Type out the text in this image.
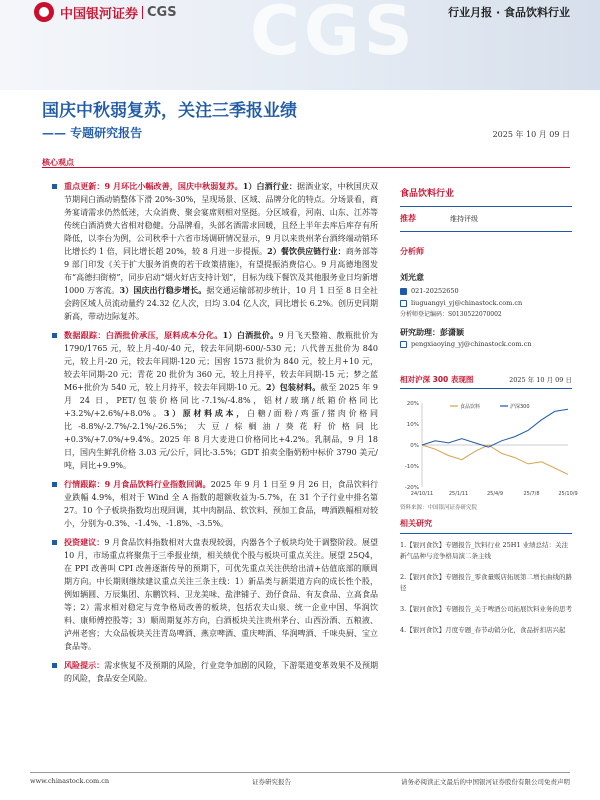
CGS
中国银河证券 CGS	行业月报 · 食品饮料行业
国庆中秋弱复苏，关注三季报业绩
—— 专题研究报告	2025 年 10 月 09 日
核心观点
重点更新：9 月环比小幅改善，国庆中秋弱复苏。1）白酒行业：据酒业家，中秋国庆双节期间白酒动销整体下滑 20%-30%，呈现场景、区域、品牌分化的特点。分场景看，商务宴请需求仍然低迷，大众消费、聚会宴席则相对坚挺。分区域看，河南、山东、江苏等传统白酒消费大省相对稳健。分品牌看，头部名酒需求回暖，且经上半年去库后库存有所降低，以李台为例，公司秋季十六省市场调研情况显示，9 月以来贵州茅台酒终端动销环比增长约 1 倍，同比增长超 20%，较 8 月进一步提振。2）餐饮供应链行业：商务部等 9 部门印发《关于扩大服务消费的若干政策措施》，有望提振消费信心。9 月高德地图发布“高德扫街榜”，同步启动“烟火好店支持计划”，目标为线下餐饮及其他服务业日均新增 1000 万客流。3）国庆出行稳步增长。据交通运输部初步统计，10 月 1 日至 8 日全社会跨区域人员流动量约 24.32 亿人次，日均 3.04 亿人次，同比增长 6.2%。创历史同期新高，带动边际复苏。
数据跟踪：白酒批价承压，原料成本分化。1）白酒批价。9 月飞天整箱、散瓶批价为 1790/1765 元，较上月-40/-40 元，较去年同期-600/-530 元；八代普五批价为 840 元，较上月-20 元，较去年同期-120 元；国窖 1573 批价为 840 元，较上月+10 元，较去年同期-20 元；青花 20 批价为 360 元，较上月持平，较去年同期-15 元；梦之蓝 M6+批价为 540 元，较上月持平，较去年同期-10 元。2）包装材料。截至 2025 年 9 月 24 日，PET/包装价格同比-7.1%/-4.8%，铝材/玻璃/纸箱价格同比+3.2%/+2.6%/+8.0%。3）原材料成本，白糖/面粉/鸡蛋/猪肉价格同比-8.8%/-2.7%/-2.1%/-26.5%；大豆/棕榈油/葵花籽价格同比+0.3%/+7.0%/+9.4%。2025 年 8 月大麦进口价格同比+4.2%。乳制品，9 月 18 日，国内生鲜乳价格 3.03 元/公斤，同比-3.5%；GDT 拍卖全脂奶粉中标价 3790 美元/吨，同比+9.9%。
行情跟踪：9 月食品饮料行业指数回调。2025 年 9 月 1 日至 9 月 26 日，食品饮料行业跌幅 4.9%，相对于 Wind 全 A 指数的超额收益为-5.7%，在 31 个子行业中排名第 27。10 个子板块指数均出现回调，其中肉制品、软饮料、预加工食品，啤酒跌幅相对较小，分别为-0.3%、-1.4%、-1.8%、-3.5%。
投资建议：9 月食品饮料指数相对大盘表现较弱，内器各个子板块均处于调整阶段。展望 10 月，市场重点将聚焦于三季报业绩，相关绩优个股与板块可重点关注。展望 25Q4，在 PPI 改善叫 CPI 改善逐渐传导的预期下，可优先重点关注供给出清+估值底部的顺周期方向。中长期则继续建议重点关注三条主线：1）新品类与新渠道方向的成长性个股，例如辆圆、万辰集团、东鹏饮料、卫龙美味、盐津铺子、劲仔食品、有友食品、立高食品等；2）需求相对稳定与竞争格局改善的板块，包括农夫山泉、统一企业中国、华润饮料、康师傅控股等；3）顺周期复苏方向，白酒板块关注贵州茅台、山西汾酒、五粮液、泸州老窖；大众品板块关注青岛啤酒、燕京啤酒、重庆啤酒、华润啤酒、千味央厨、宝立食品等。
风险提示：需求恢复不及预期的风险，行业竞争加剧的风险，下游渠道变革效果不及预期的风险，食品安全风险。
食品饮料行业
推荐	维持评级
分析师
刘光意
021-20252650
liuguangyi_yj@chinastock.com.cn
分析师登记编码：S0130522070002
研究助理：彭潇颖
pengxiaoying_yj@chinastock.com.cn
相对沪深 300 表现图	2025 年 10 月 09 日
20%
10%
0%
-10%
-20%
24/10/11	25/1/11	25/4/9	25/7/8	25/10/9
食品饮料	沪深300
资料来源：中国银河证券研究院
相关研究
1.【银河食饮】专题报告_饮料行业 25H1 业绩总结：关注新气品种与竞争格局演二条主线
2.【银河食饮】专题报告_零食量贩店拓展第二增长曲线的路径
3.【银河食饮】专题报告_关于啤酒公司拓展饮料业务的思考
4.【银河食饮】月度专题_春节动销分化，食品折扣店兴起
www.chinastock.com.cn	证券研究报告	请务必阅读正文最后的中国银河证券股份有限公司免责声明
